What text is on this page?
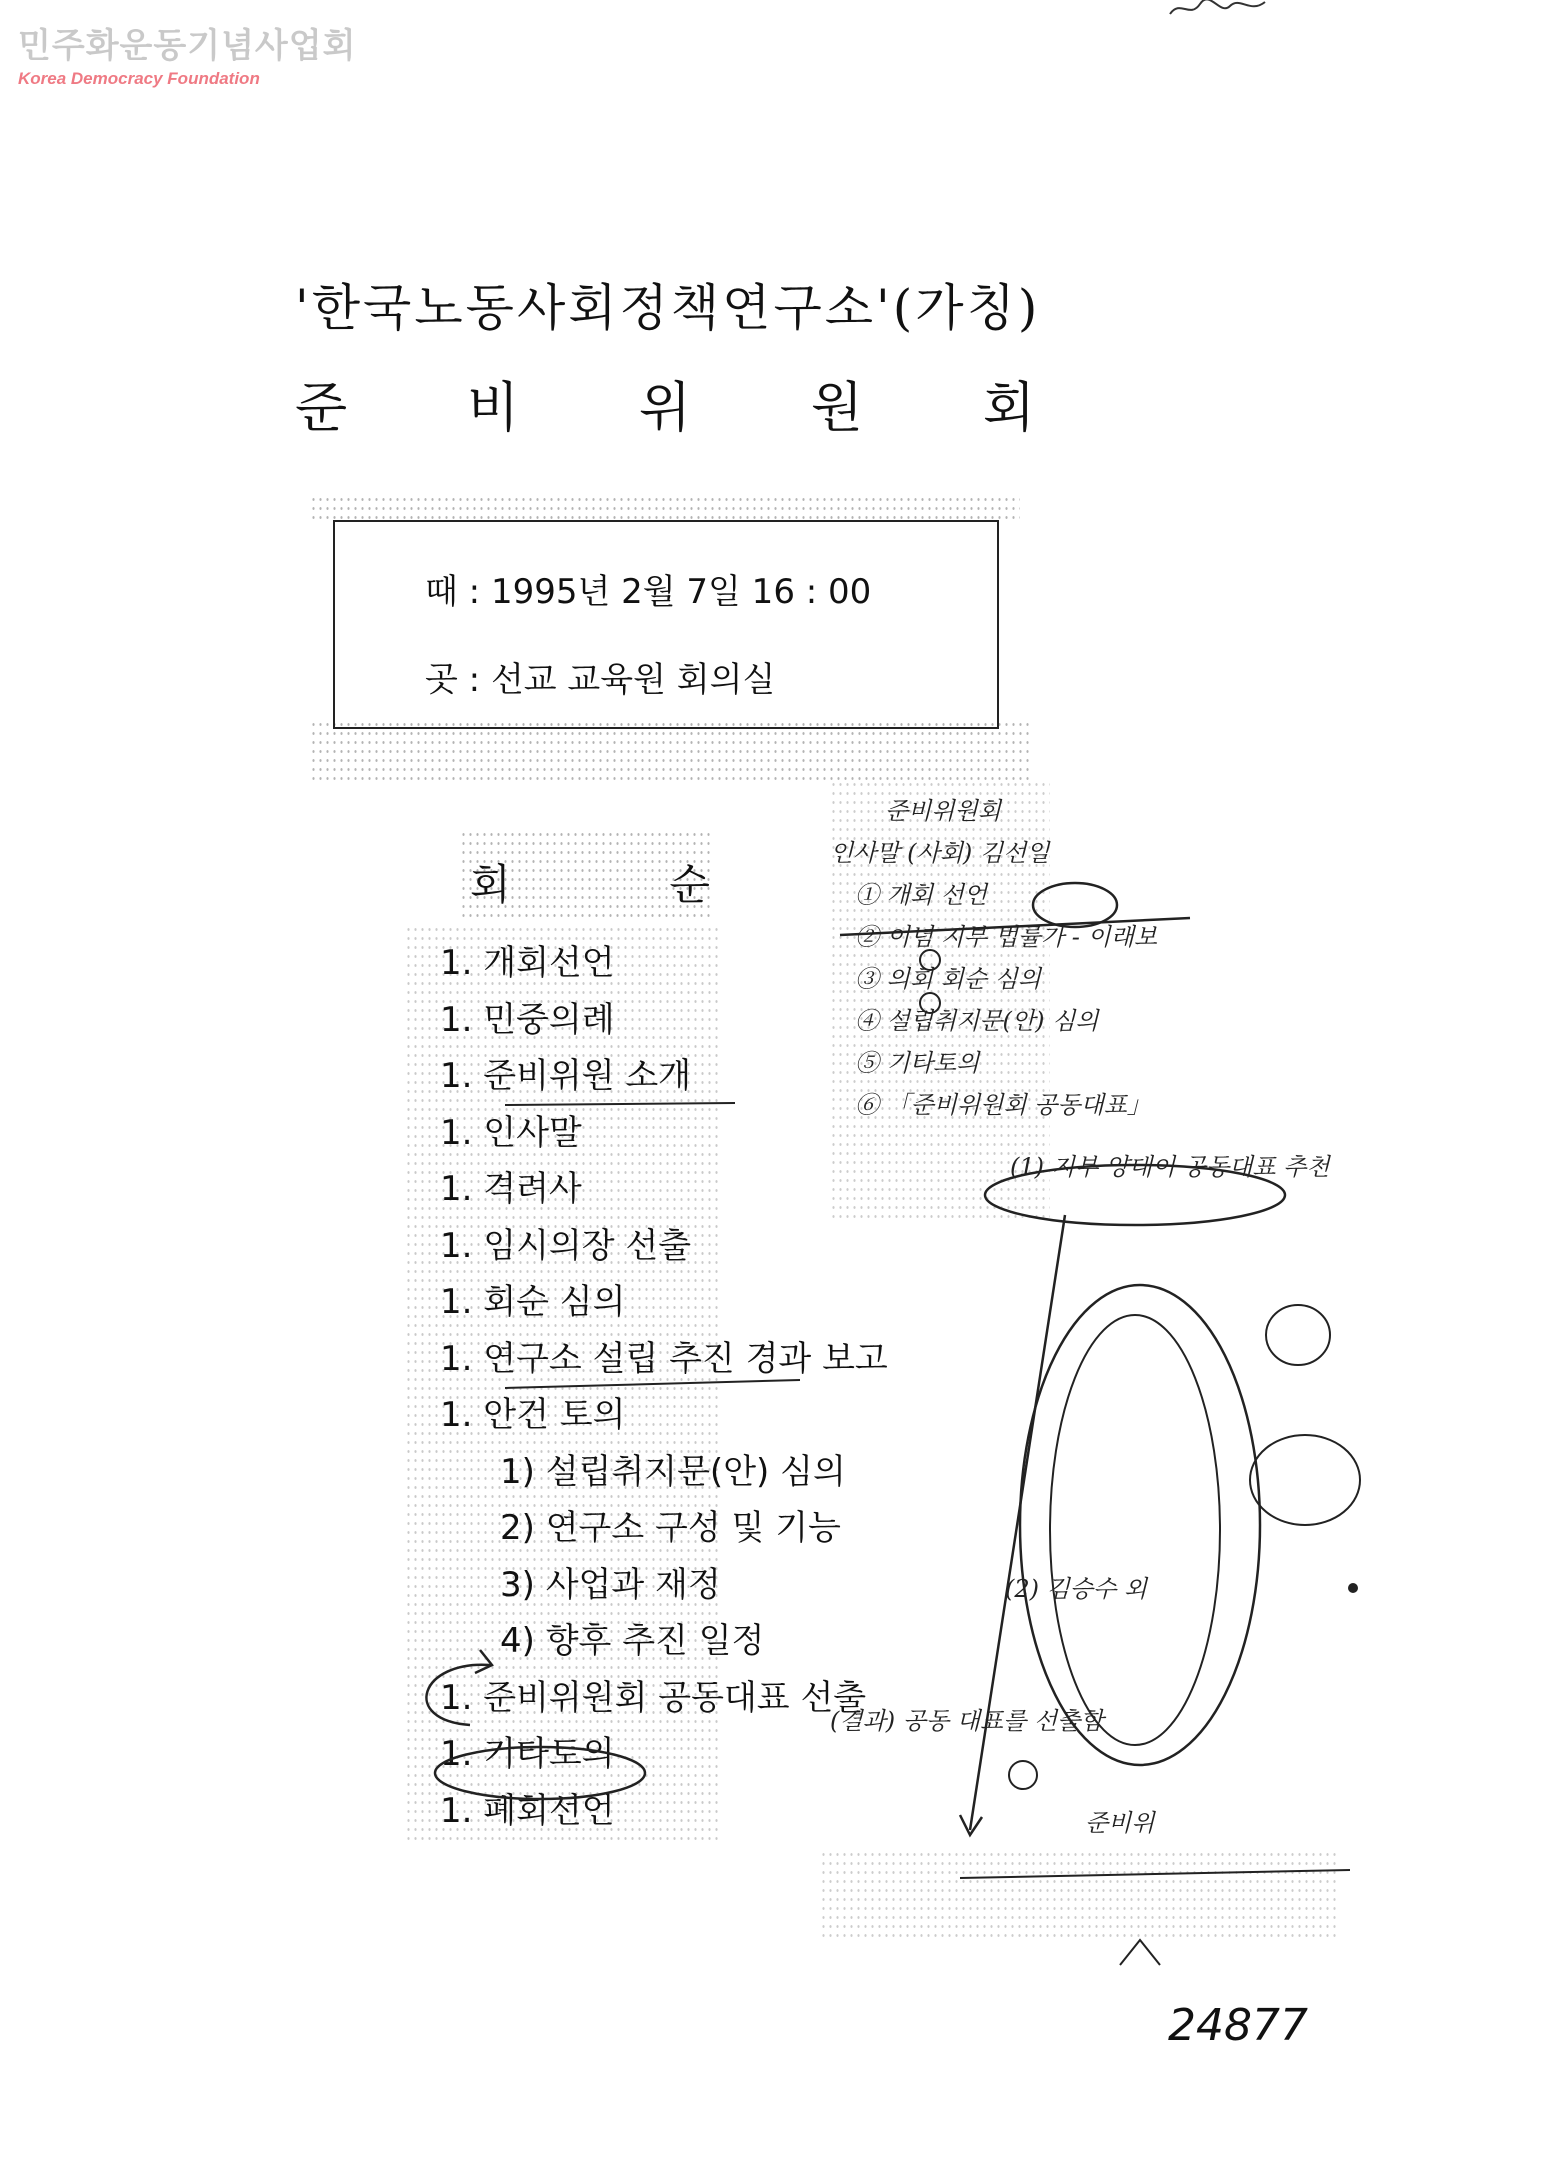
민주화운동기념사업회
Korea Democracy Foundation
'한국노동사회정책연구소'(가칭)
준 비 위 원 회
때 : 1995년 2월 7일 16 : 00
곳 : 선교 교육원 회의실
회	순
1. 개회선언
1. 민중의례
1. 준비위원 소개
1. 인사말
1. 격려사
1. 임시의장 선출
1. 회순 심의
1. 연구소 설립 추진 경과 보고
1. 안건 토의
1) 설립취지문(안) 심의
2) 연구소 구성 및 기능
3) 사업과 재정
4) 향후 추진 일정
1. 준비위원회 공동대표 선출
1. 기타토의
1. 폐회선언
준비위원회
인사말 (사회) 김선일
① 개회 선언
② 이념 지부 법률가 - 이래보
③ 의회 회순 심의
④ 설립취지문(안) 심의
⑤ 기타토의
⑥ 「준비위원회 공동대표」
(1) 지부 양대이 공동대표 추천
(2) 김승수 외
(결과) 공동 대표를 선출함
준비위
24877
